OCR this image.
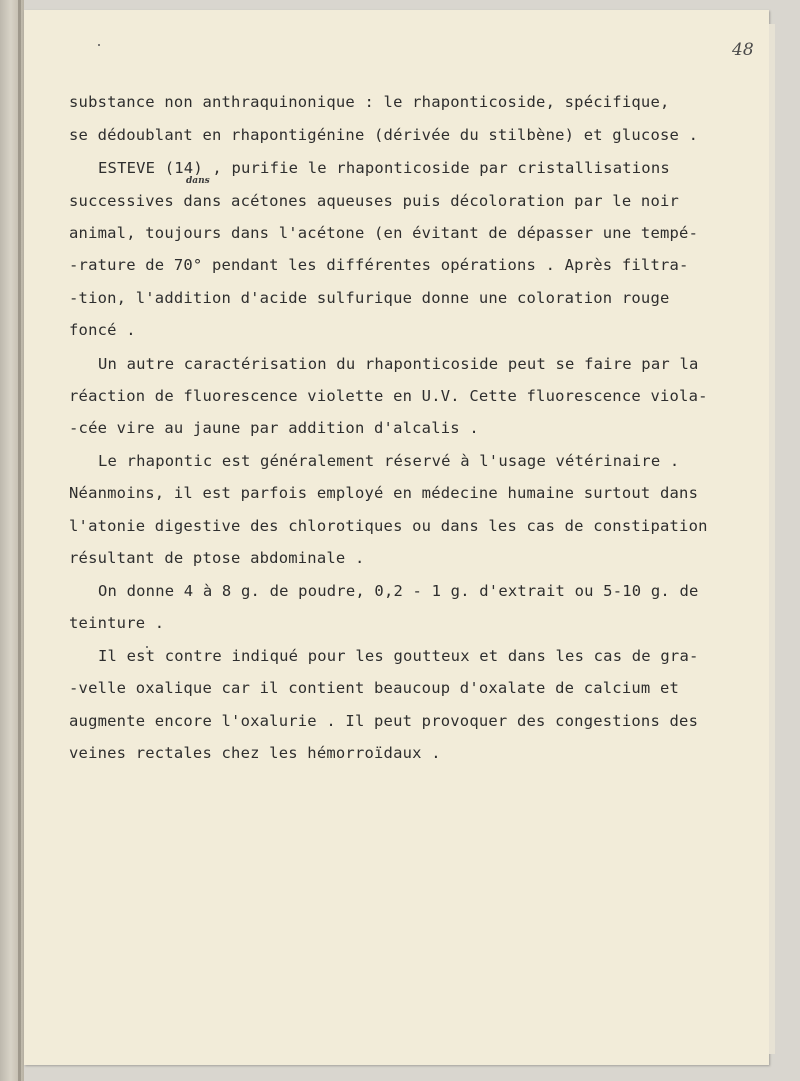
48
dans

substance non anthraquinonique : le rhaponticoside, spécifique,

se dédoublant en rhapontigénine (dérivée du stilbène) et glucose .

ESTEVE (14) , purifie le rhaponticoside par cristallisations

successives dans acétones aqueuses puis décoloration par le noir

animal, toujours dans l'acétone (en évitant de dépasser une tempé-

-rature de 70° pendant les différentes opérations . Après filtra-

-tion, l'addition d'acide sulfurique donne une coloration rouge

foncé .

Un autre caractérisation du rhaponticoside peut se faire par la

réaction de fluorescence violette en U.V. Cette fluorescence viola-

-cée vire au jaune par addition d'alcalis .

Le rhapontic est généralement réservé à l'usage vétérinaire .

Néanmoins, il est parfois employé en médecine humaine surtout dans

l'atonie digestive des chlorotiques ou dans les cas de constipation

résultant de ptose abdominale .

On donne 4 à 8 g. de poudre, 0,2 - 1 g. d'extrait ou 5-10 g. de

teinture .

Il est contre indiqué pour les goutteux et dans les cas de gra-

-velle oxalique car il contient beaucoup d'oxalate de calcium et

augmente encore l'oxalurie . Il peut provoquer des congestions des

veines rectales chez les hémorroïdaux .
